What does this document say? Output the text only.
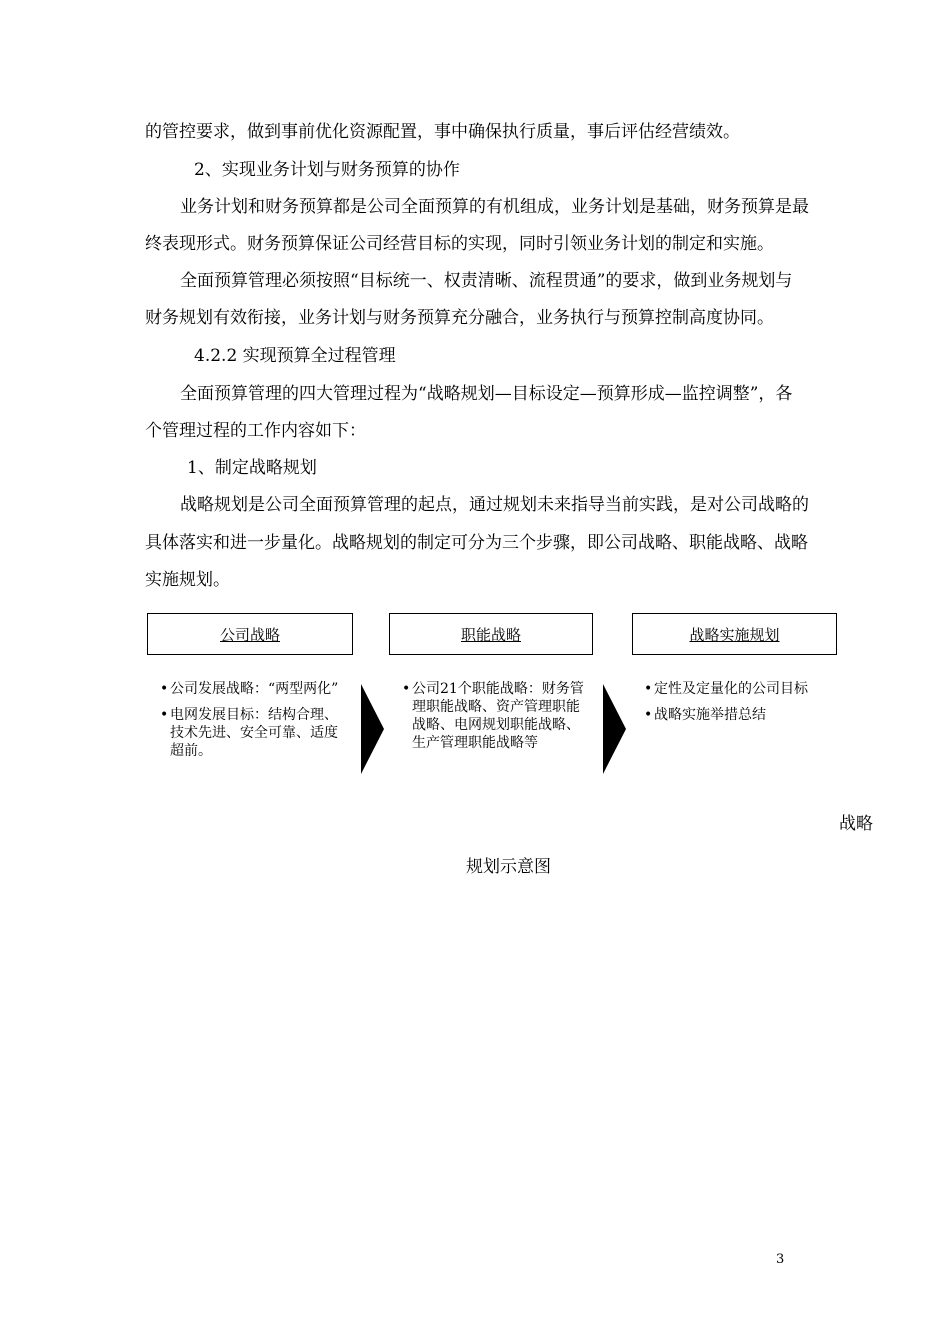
的管控要求，做到事前优化资源配置，事中确保执行质量，事后评估经营绩效。
2、实现业务计划与财务预算的协作
业务计划和财务预算都是公司全面预算的有机组成，业务计划是基础，财务预算是最
终表现形式。财务预算保证公司经营目标的实现，同时引领业务计划的制定和实施。
全面预算管理必须按照“目标统一、权责清晰、流程贯通”的要求，做到业务规划与
财务规划有效衔接，业务计划与财务预算充分融合，业务执行与预算控制高度协同。
4.2.2 实现预算全过程管理
全面预算管理的四大管理过程为“战略规划—目标设定—预算形成—监控调整”，各
个管理过程的工作内容如下：
1、制定战略规划
战略规划是公司全面预算管理的起点，通过规划未来指导当前实践，是对公司战略的
具体落实和进一步量化。战略规划的制定可分为三个步骤，即公司战略、职能战略、战略
实施规划。
公司战略	职能战略	战略实施规划
• 公司发展战略：“两型两化”
• 电网发展目标：结构合理、技术先进、安全可靠、适度超前。
• 公司21个职能战略：财务管理职能战略、资产管理职能战略、电网规划职能战略、生产管理职能战略等
• 定性及定量化的公司目标
• 战略实施举措总结
战略
规划示意图
3
